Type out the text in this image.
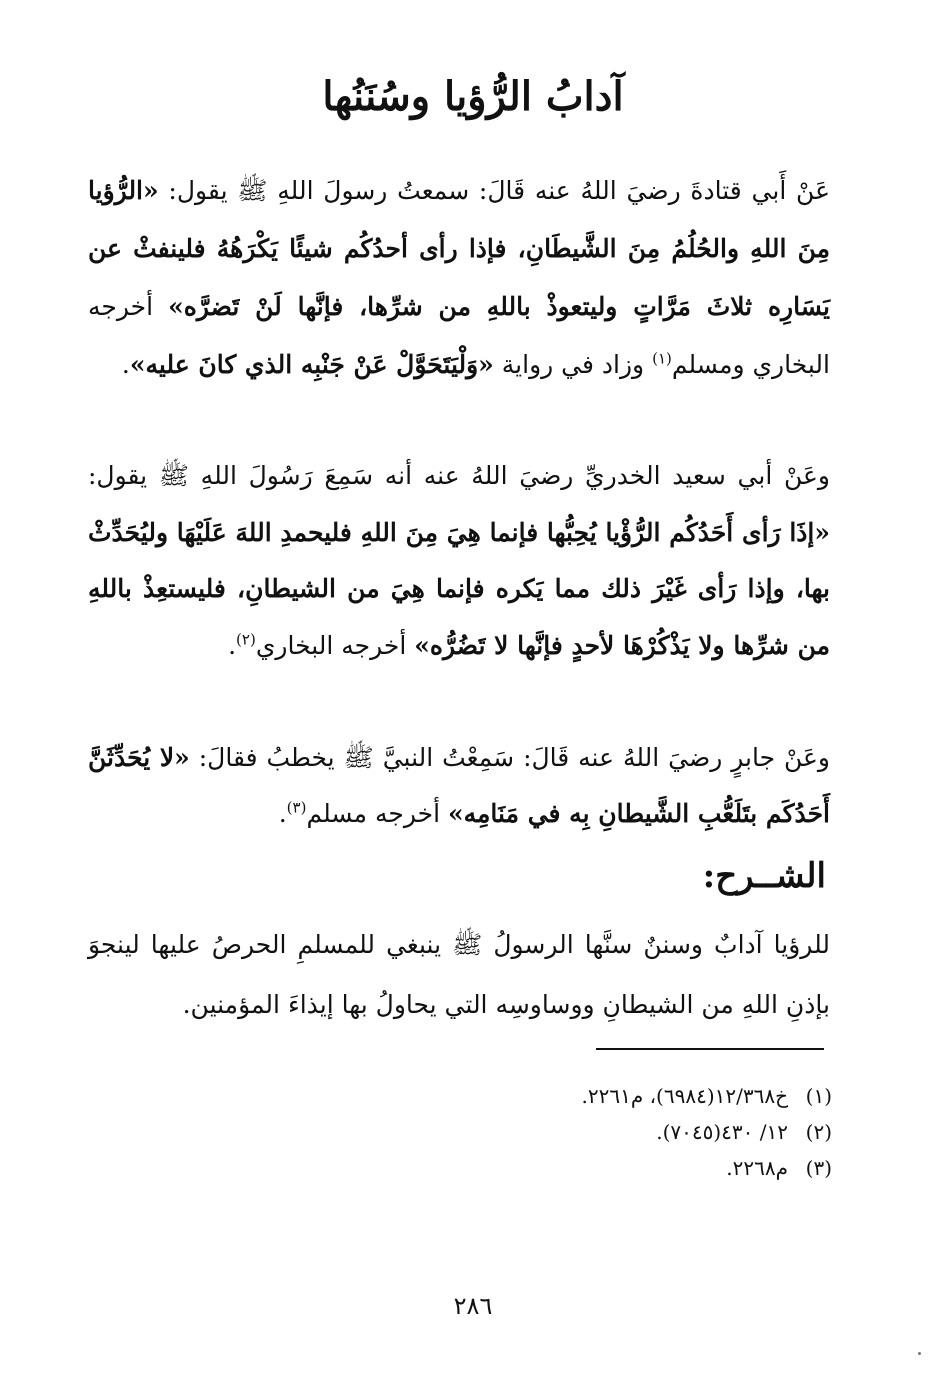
آدابُ الرُّؤيا وسُنَنُها
عَنْ أَبي قتادةَ رضيَ اللهُ عنه قَالَ: سمعتُ رسولَ اللهِ ﷺ يقول: «الرُّؤيا مِنَ اللهِ والحُلُمُ مِنَ الشَّيطَانِ، فإذا رأى أحدُكُم شيئًا يَكْرَهُهُ فلينفثْ عن يَسَارِه ثلاثَ مَرَّاتٍ وليتعوذْ باللهِ من شرِّها، فإنَّها لَنْ تَضرَّه» أخرجه البخاري ومسلم$^{(١)}$ وزاد في رواية «وَلْيَتَحَوَّلْ عَنْ جَنْبِه الذي كانَ عليه».
وعَنْ أبي سعيد الخدريِّ رضيَ اللهُ عنه أنه سَمِعَ رَسُولَ اللهِ ﷺ يقول: «إذَا رَأى أَحَدُكُم الرُّؤْيا يُحِبُّها فإنما هِيَ مِنَ اللهِ فليحمدِ اللهَ عَلَيْهَا وليُحَدِّثْ بها، وإذا رَأى غَيْرَ ذلك مما يَكره فإنما هِيَ من الشيطانِ، فليستعِذْ باللهِ من شرِّها ولا يَذْكُرْهَا لأحدٍ فإنَّها لا تَضُرُّه» أخرجه البخاري$^{(٢)}$.
وعَنْ جابرٍ رضيَ اللهُ عنه قَالَ: سَمِعْتُ النبيَّ ﷺ يخطبُ فقالَ: «لا يُحَدِّثَنَّ أَحَدُكَم بتَلَعُّبِ الشَّيطانِ بِه في مَنَامِه» أخرجه مسلم$^{(٣)}$.
الشــرح:
للرؤيا آدابٌ وسننٌ سنَّها الرسولُ ﷺ ينبغي للمسلمِ الحرصُ عليها لينجوَ بإذنِ اللهِ من الشيطانِ ووساوسِه التي يحاولُ بها إيذاءَ المؤمنين.
(١)خ١٢/٣٦٨(٦٩٨٤)، م٢٢٦١.
(٢)١٢/ ٤٣٠(٧٠٤٥).
(٣)م٢٢٦٨.
٢٨٦
